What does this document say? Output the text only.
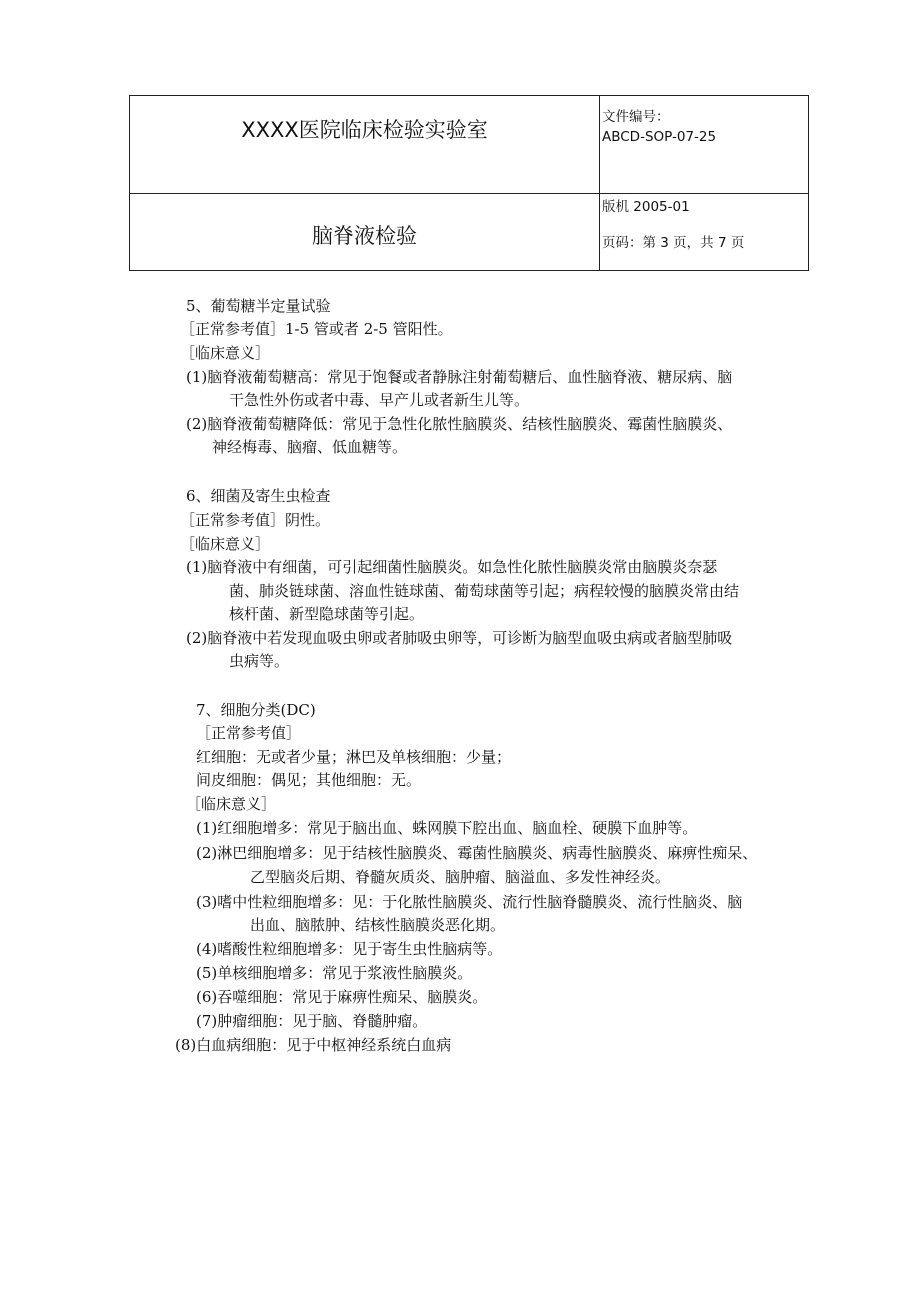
XXXX医院临床检验实验室
脑脊液检验
文件编号：
ABCD-SOP-07-25
版机 2005-01
页码：第 3 页，共 7 页
5、葡萄糖半定量试验
［正常参考值］1-5 管或者 2-5 管阳性。
［临床意义］
(1)脑脊液葡萄糖高：常见于饱餐或者静脉注射葡萄糖后、血性脑脊液、糖尿病、脑
干急性外伤或者中毒、早产儿或者新生儿等。
(2)脑脊液葡萄糖降低：常见于急性化脓性脑膜炎、结核性脑膜炎、霉菌性脑膜炎、
神经梅毒、脑瘤、低血糖等。
6、细菌及寄生虫检查
［正常参考值］阴性。
［临床意义］
(1)脑脊液中有细菌，可引起细菌性脑膜炎。如急性化脓性脑膜炎常由脑膜炎奈瑟
菌、肺炎链球菌、溶血性链球菌、葡萄球菌等引起；病程较慢的脑膜炎常由结
核杆菌、新型隐球菌等引起。
(2)脑脊液中若发现血吸虫卵或者肺吸虫卵等，可诊断为脑型血吸虫病或者脑型肺吸
虫病等。
7、细胞分类(DC)
［正常参考值］
红细胞：无或者少量；淋巴及单核细胞：少量；
间皮细胞：偶见；其他细胞：无。
［临床意义］
(1)红细胞增多：常见于脑出血、蛛网膜下腔出血、脑血栓、硬膜下血肿等。
(2)淋巴细胞增多：见于结核性脑膜炎、霉菌性脑膜炎、病毒性脑膜炎、麻痹性痴呆、
乙型脑炎后期、脊髓灰质炎、脑肿瘤、脑溢血、多发性神经炎。
(3)嗜中性粒细胞增多：见：于化脓性脑膜炎、流行性脑脊髓膜炎、流行性脑炎、脑
出血、脑脓肿、结核性脑膜炎恶化期。
(4)嗜酸性粒细胞增多：见于寄生虫性脑病等。
(5)单核细胞增多：常见于浆液性脑膜炎。
(6)吞噬细胞：常见于麻痹性痴呆、脑膜炎。
(7)肿瘤细胞：见于脑、脊髓肿瘤。
(8)白血病细胞：见于中枢神经系统白血病
